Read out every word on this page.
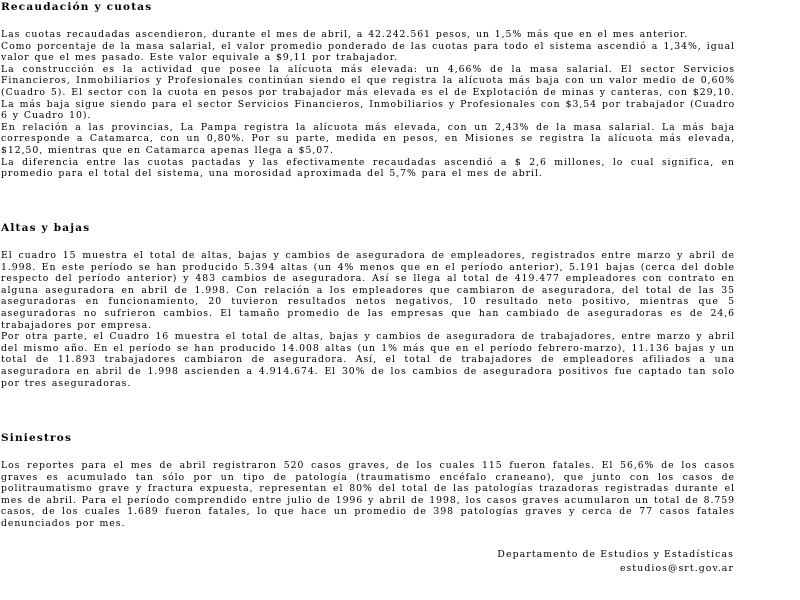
Recaudación y cuotas

Las cuotas recaudadas ascendieron, durante el mes de abril, a 42.242.561 pesos, un 1,5% más que en el mes anterior.

Como porcentaje de la masa salarial, el valor promedio ponderado de las cuotas para todo el sistema ascendió a 1,34%, igual valor que el mes pasado. Este valor equivale a $9,11 por trabajador.

La construcción es la actividad que posee la alícuota más elevada: un 4,66% de la masa salarial. El sector Servicios Financieros, Inmobiliarios y Profesionales continúan siendo el que registra la alícuota más baja con un valor medio de 0,60% (Cuadro 5). El sector con la cuota en pesos por trabajador más elevada es el de Explotación de minas y canteras, con $29,10. La más baja sigue siendo para el sector Servicios Financieros, Inmobiliarios y Profesionales con $3,54 por trabajador (Cuadro 6 y Cuadro 10).

En relación a las provincias, La Pampa registra la alícuota más elevada, con un 2,43% de la masa salarial. La más baja corresponde a Catamarca, con un 0,80%. Por su parte, medida en pesos, en Misiones se registra la alícuota más elevada, $12,50, mientras que en Catamarca apenas llega a $5,07.

La diferencia entre las cuotas pactadas y las efectivamente recaudadas ascendió a $ 2,6 millones, lo cual significa, en promedio para el total del sistema, una morosidad aproximada del 5,7% para el mes de abril.

Altas y bajas

El cuadro 15 muestra el total de altas, bajas y cambios de aseguradora de empleadores, registrados entre marzo y abril de 1.998. En este período se han producido 5.394 altas (un 4% menos que en el período anterior), 5.191 bajas (cerca del doble respecto del período anterior) y 483 cambios de aseguradora. Así se llega al total de 419.477 empleadores con contrato en alguna aseguradora en abril de 1.998. Con relación a los empleadores que cambiaron de aseguradora, del total de las 35 aseguradoras en funcionamiento, 20 tuvieron resultados netos negativos, 10 resultado neto positivo, mientras que 5 aseguradoras no sufrieron cambios. El tamaño promedio de las empresas que han cambiado de aseguradoras es de 24,6 trabajadores por empresa.

Por otra parte, el Cuadro 16 muestra el total de altas, bajas y cambios de aseguradora de trabajadores, entre marzo y abril del mismo año. En el período se han producido 14.008 altas (un 1% más que en el período febrero-marzo), 11.136 bajas y un total de 11.893 trabajadores cambiaron de aseguradora. Así, el total de trabajadores de empleadores afiliados a una aseguradora en abril de 1.998 ascienden a 4.914.674. El 30% de los cambios de aseguradora positivos fue captado tan solo por tres aseguradoras.

Siniestros

Los reportes para el mes de abril registraron 520 casos graves, de los cuales 115 fueron fatales. El 56,6% de los casos graves es acumulado tan sólo por un tipo de patología (traumatismo encéfalo craneano), que junto con los casos de politraumatismo grave y fractura expuesta, representan el 80% del total de las patologías trazadoras registradas durante el mes de abril. Para el período comprendido entre julio de 1996 y abril de 1998, los casos graves acumularon un total de 8.759 casos, de los cuales 1.689 fueron fatales, lo que hace un promedio de 398 patologías graves y cerca de 77 casos fatales denunciados por mes.

Departamento de Estudios y Estadísticas
estudios@srt.gov.ar
